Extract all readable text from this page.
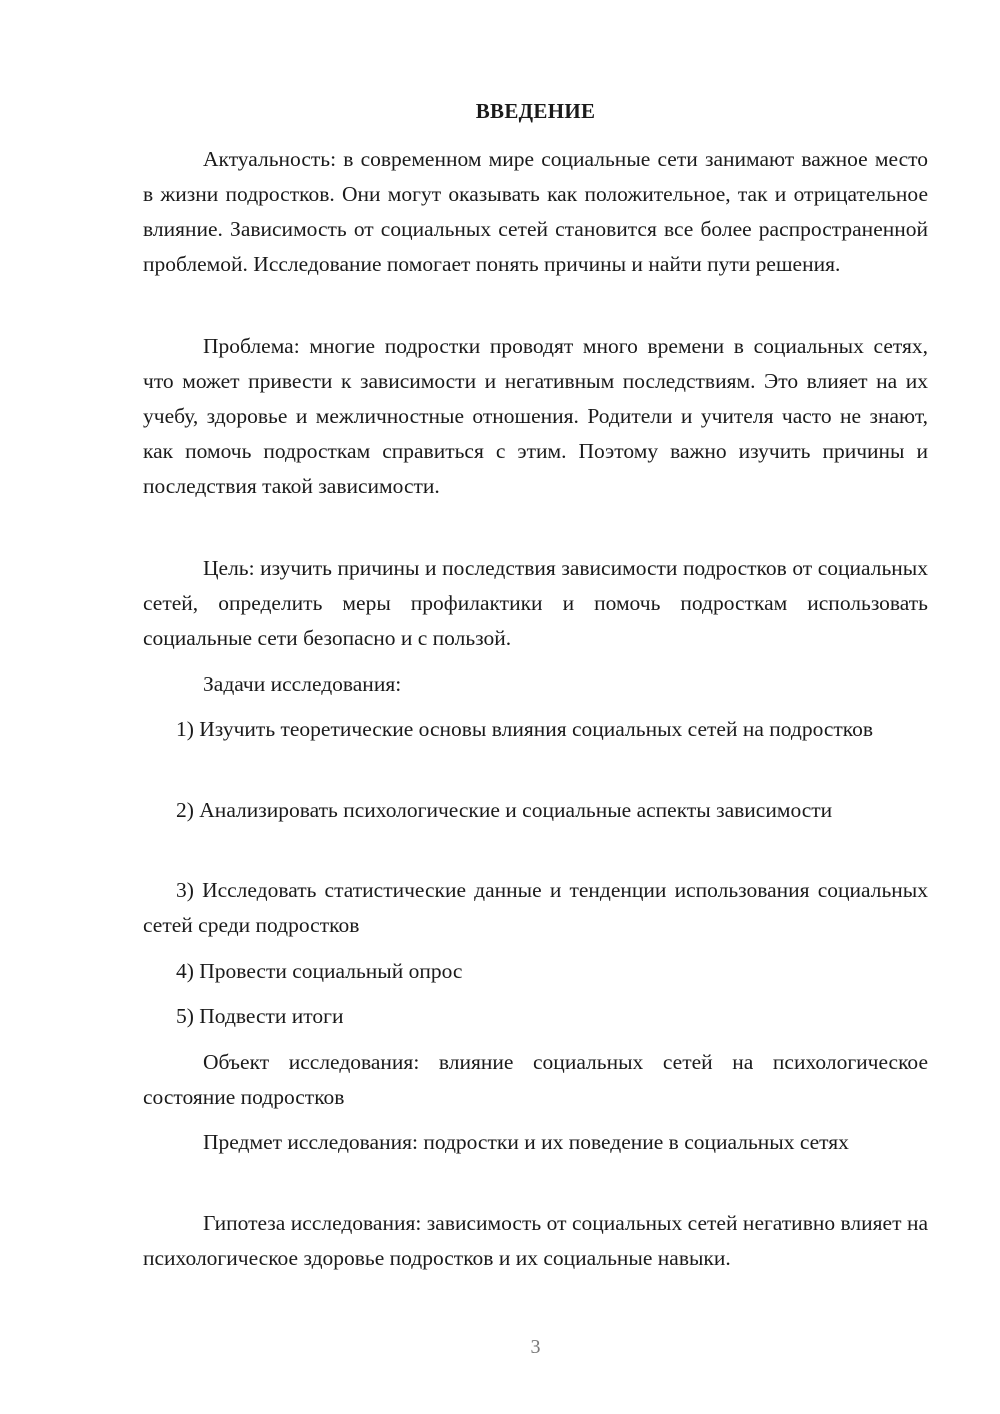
ВВЕДЕНИЕ

Актуальность: в современном мире социальные сети занимают важное место в жизни подростков. Они могут оказывать как положительное, так и отрицательное влияние. Зависимость от социальных сетей становится все более распространенной проблемой. Исследование помогает понять причины и найти пути решения.

Проблема: многие подростки проводят много времени в социальных сетях, что может привести к зависимости и негативным последствиям. Это влияет на их учебу, здоровье и межличностные отношения. Родители и учителя часто не знают, как помочь подросткам справиться с этим. Поэтому важно изучить причины и последствия такой зависимости.

Цель: изучить причины и последствия зависимости подростков от социальных сетей, определить меры профилактики и помочь подросткам использовать социальные сети безопасно и с пользой.

Задачи исследования:

1) Изучить теоретические основы влияния социальных сетей на подростков

2) Анализировать психологические и социальные аспекты зависимости

3) Исследовать статистические данные и тенденции использования социальных сетей среди подростков

4) Провести социальный опрос

5) Подвести итоги

Объект исследования: влияние социальных сетей на психологическое состояние подростков

Предмет исследования: подростки и их поведение в социальных сетях

Гипотеза исследования: зависимость от социальных сетей негативно влияет на психологическое здоровье подростков и их социальные навыки.

3
